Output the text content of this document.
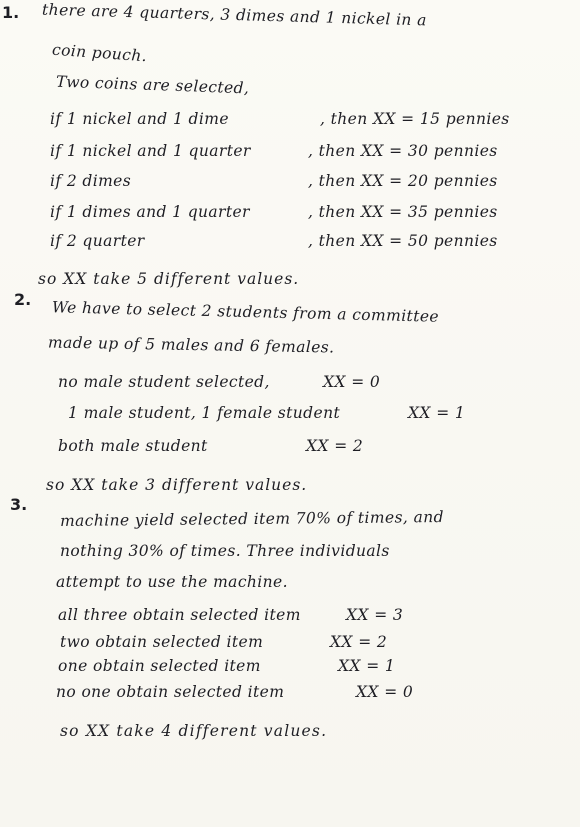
1. there are 4 quarters, 3 dimes and 1 nickel in a
coin pouch.
Two coins are selected,
if 1 nickel and 1 dime	, then XX = 15 pennies
if 1 nickel and 1 quarter	, then XX = 30 pennies
if 2 dimes	, then XX = 20 pennies
if 1 dimes and 1 quarter	, then XX = 35 pennies
if 2 quarter	, then XX = 50 pennies
so XX take 5 different values.
2. We have to select 2 students from a committee
made up of 5 males and 6 females.
no male student selected,	XX = 0
1 male student, 1 female student	XX = 1
both male student	XX = 2
so XX take 3 different values.
3.
machine yield selected item 70% of times, and
nothing 30% of times. Three individuals
attempt to use the machine.
all three obtain selected item	XX = 3
two obtain selected item	XX = 2
one obtain selected item	XX = 1
no one obtain selected item	XX = 0
so XX take 4 different values.
